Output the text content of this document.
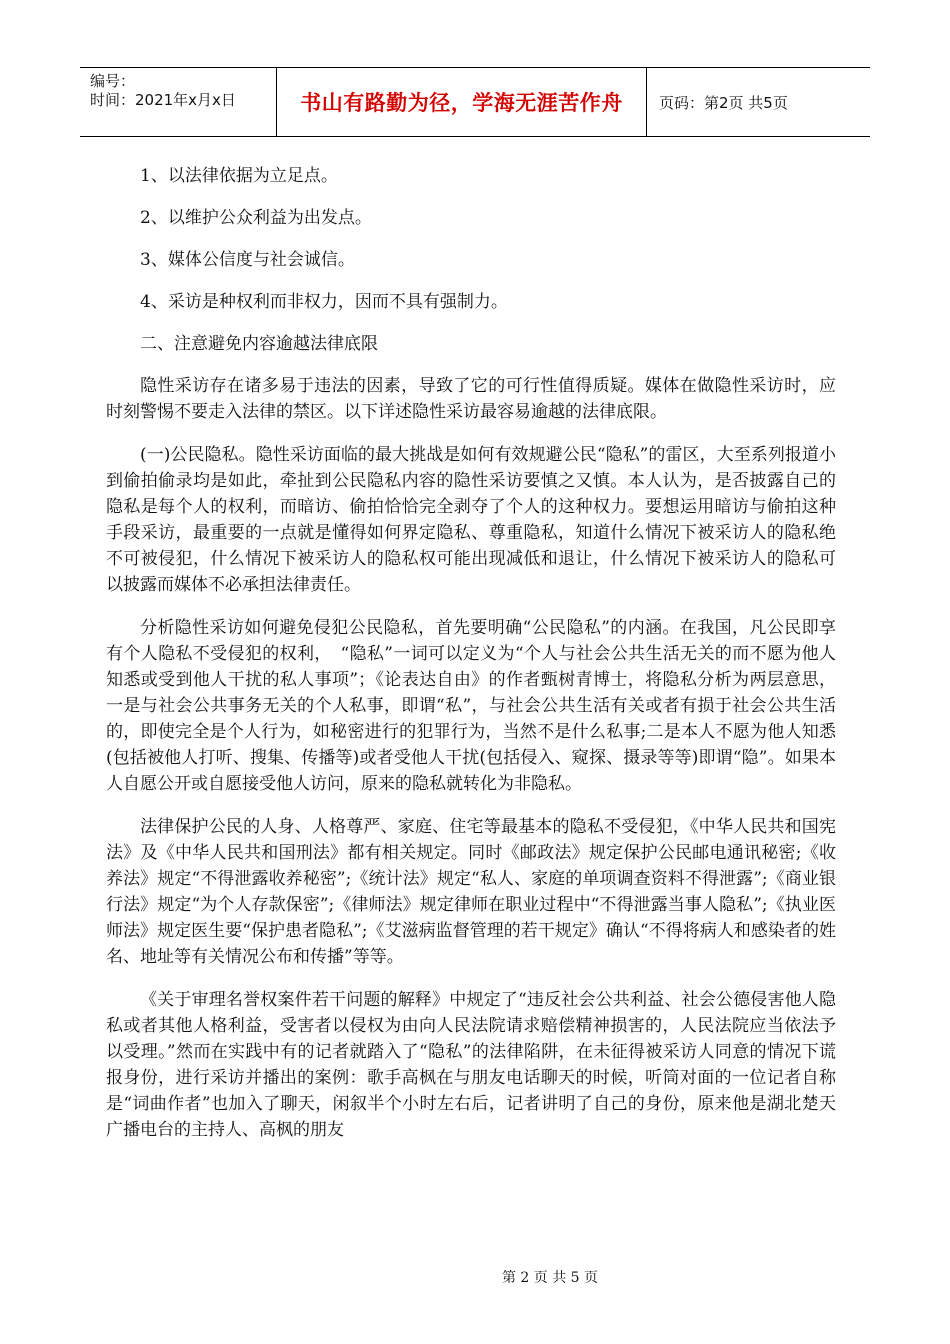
编号：
时间：2021年x月x日	书山有路勤为径，学海无涯苦作舟	页码：第2页 共5页

1、以法律依据为立足点。

2、以维护公众利益为出发点。

3、媒体公信度与社会诚信。

4、采访是种权利而非权力，因而不具有强制力。

二、注意避免内容逾越法律底限

隐性采访存在诸多易于违法的因素，导致了它的可行性值得质疑。媒体在做隐性采访时，应时刻警惕不要走入法律的禁区。以下详述隐性采访最容易逾越的法律底限。

(一)公民隐私。隐性采访面临的最大挑战是如何有效规避公民“隐私”的雷区，大至系列报道小到偷拍偷录均是如此，牵扯到公民隐私内容的隐性采访要慎之又慎。本人认为，是否披露自己的隐私是每个人的权利，而暗访、偷拍恰恰完全剥夺了个人的这种权力。要想运用暗访与偷拍这种手段采访，最重要的一点就是懂得如何界定隐私、尊重隐私，知道什么情况下被采访人的隐私绝不可被侵犯，什么情况下被采访人的隐私权可能出现减低和退让，什么情况下被采访人的隐私可以披露而媒体不必承担法律责任。

分析隐性采访如何避免侵犯公民隐私，首先要明确“公民隐私”的内涵。在我国，凡公民即享有个人隐私不受侵犯的权利，　“隐私”一词可以定义为“个人与社会公共生活无关的而不愿为他人知悉或受到他人干扰的私人事项”；《论表达自由》的作者甄树青博士，将隐私分析为两层意思，一是与社会公共事务无关的个人私事，即谓“私”，与社会公共生活有关或者有损于社会公共生活的，即使完全是个人行为，如秘密进行的犯罪行为，当然不是什么私事;二是本人不愿为他人知悉(包括被他人打听、搜集、传播等)或者受他人干扰(包括侵入、窥探、摄录等等)即谓“隐”。如果本人自愿公开或自愿接受他人访问，原来的隐私就转化为非隐私。

法律保护公民的人身、人格尊严、家庭、住宅等最基本的隐私不受侵犯，《中华人民共和国宪法》及《中华人民共和国刑法》都有相关规定。同时《邮政法》规定保护公民邮电通讯秘密;《收养法》规定“不得泄露收养秘密”;《统计法》规定“私人、家庭的单项调查资料不得泄露”;《商业银行法》规定“为个人存款保密”;《律师法》规定律师在职业过程中“不得泄露当事人隐私”;《执业医师法》规定医生要“保护患者隐私”;《艾滋病监督管理的若干规定》确认“不得将病人和感染者的姓名、地址等有关情况公布和传播”等等。

《关于审理名誉权案件若干问题的解释》中规定了“违反社会公共利益、社会公德侵害他人隐私或者其他人格利益，受害者以侵权为由向人民法院请求赔偿精神损害的，人民法院应当依法予以受理。”然而在实践中有的记者就踏入了“隐私”的法律陷阱，在未征得被采访人同意的情况下谎报身份，进行采访并播出的案例：歌手高枫在与朋友电话聊天的时候，听筒对面的一位记者自称是“词曲作者”也加入了聊天，闲叙半个小时左右后，记者讲明了自己的身份，原来他是湖北楚天广播电台的主持人、高枫的朋友

第 2 页 共 5 页
